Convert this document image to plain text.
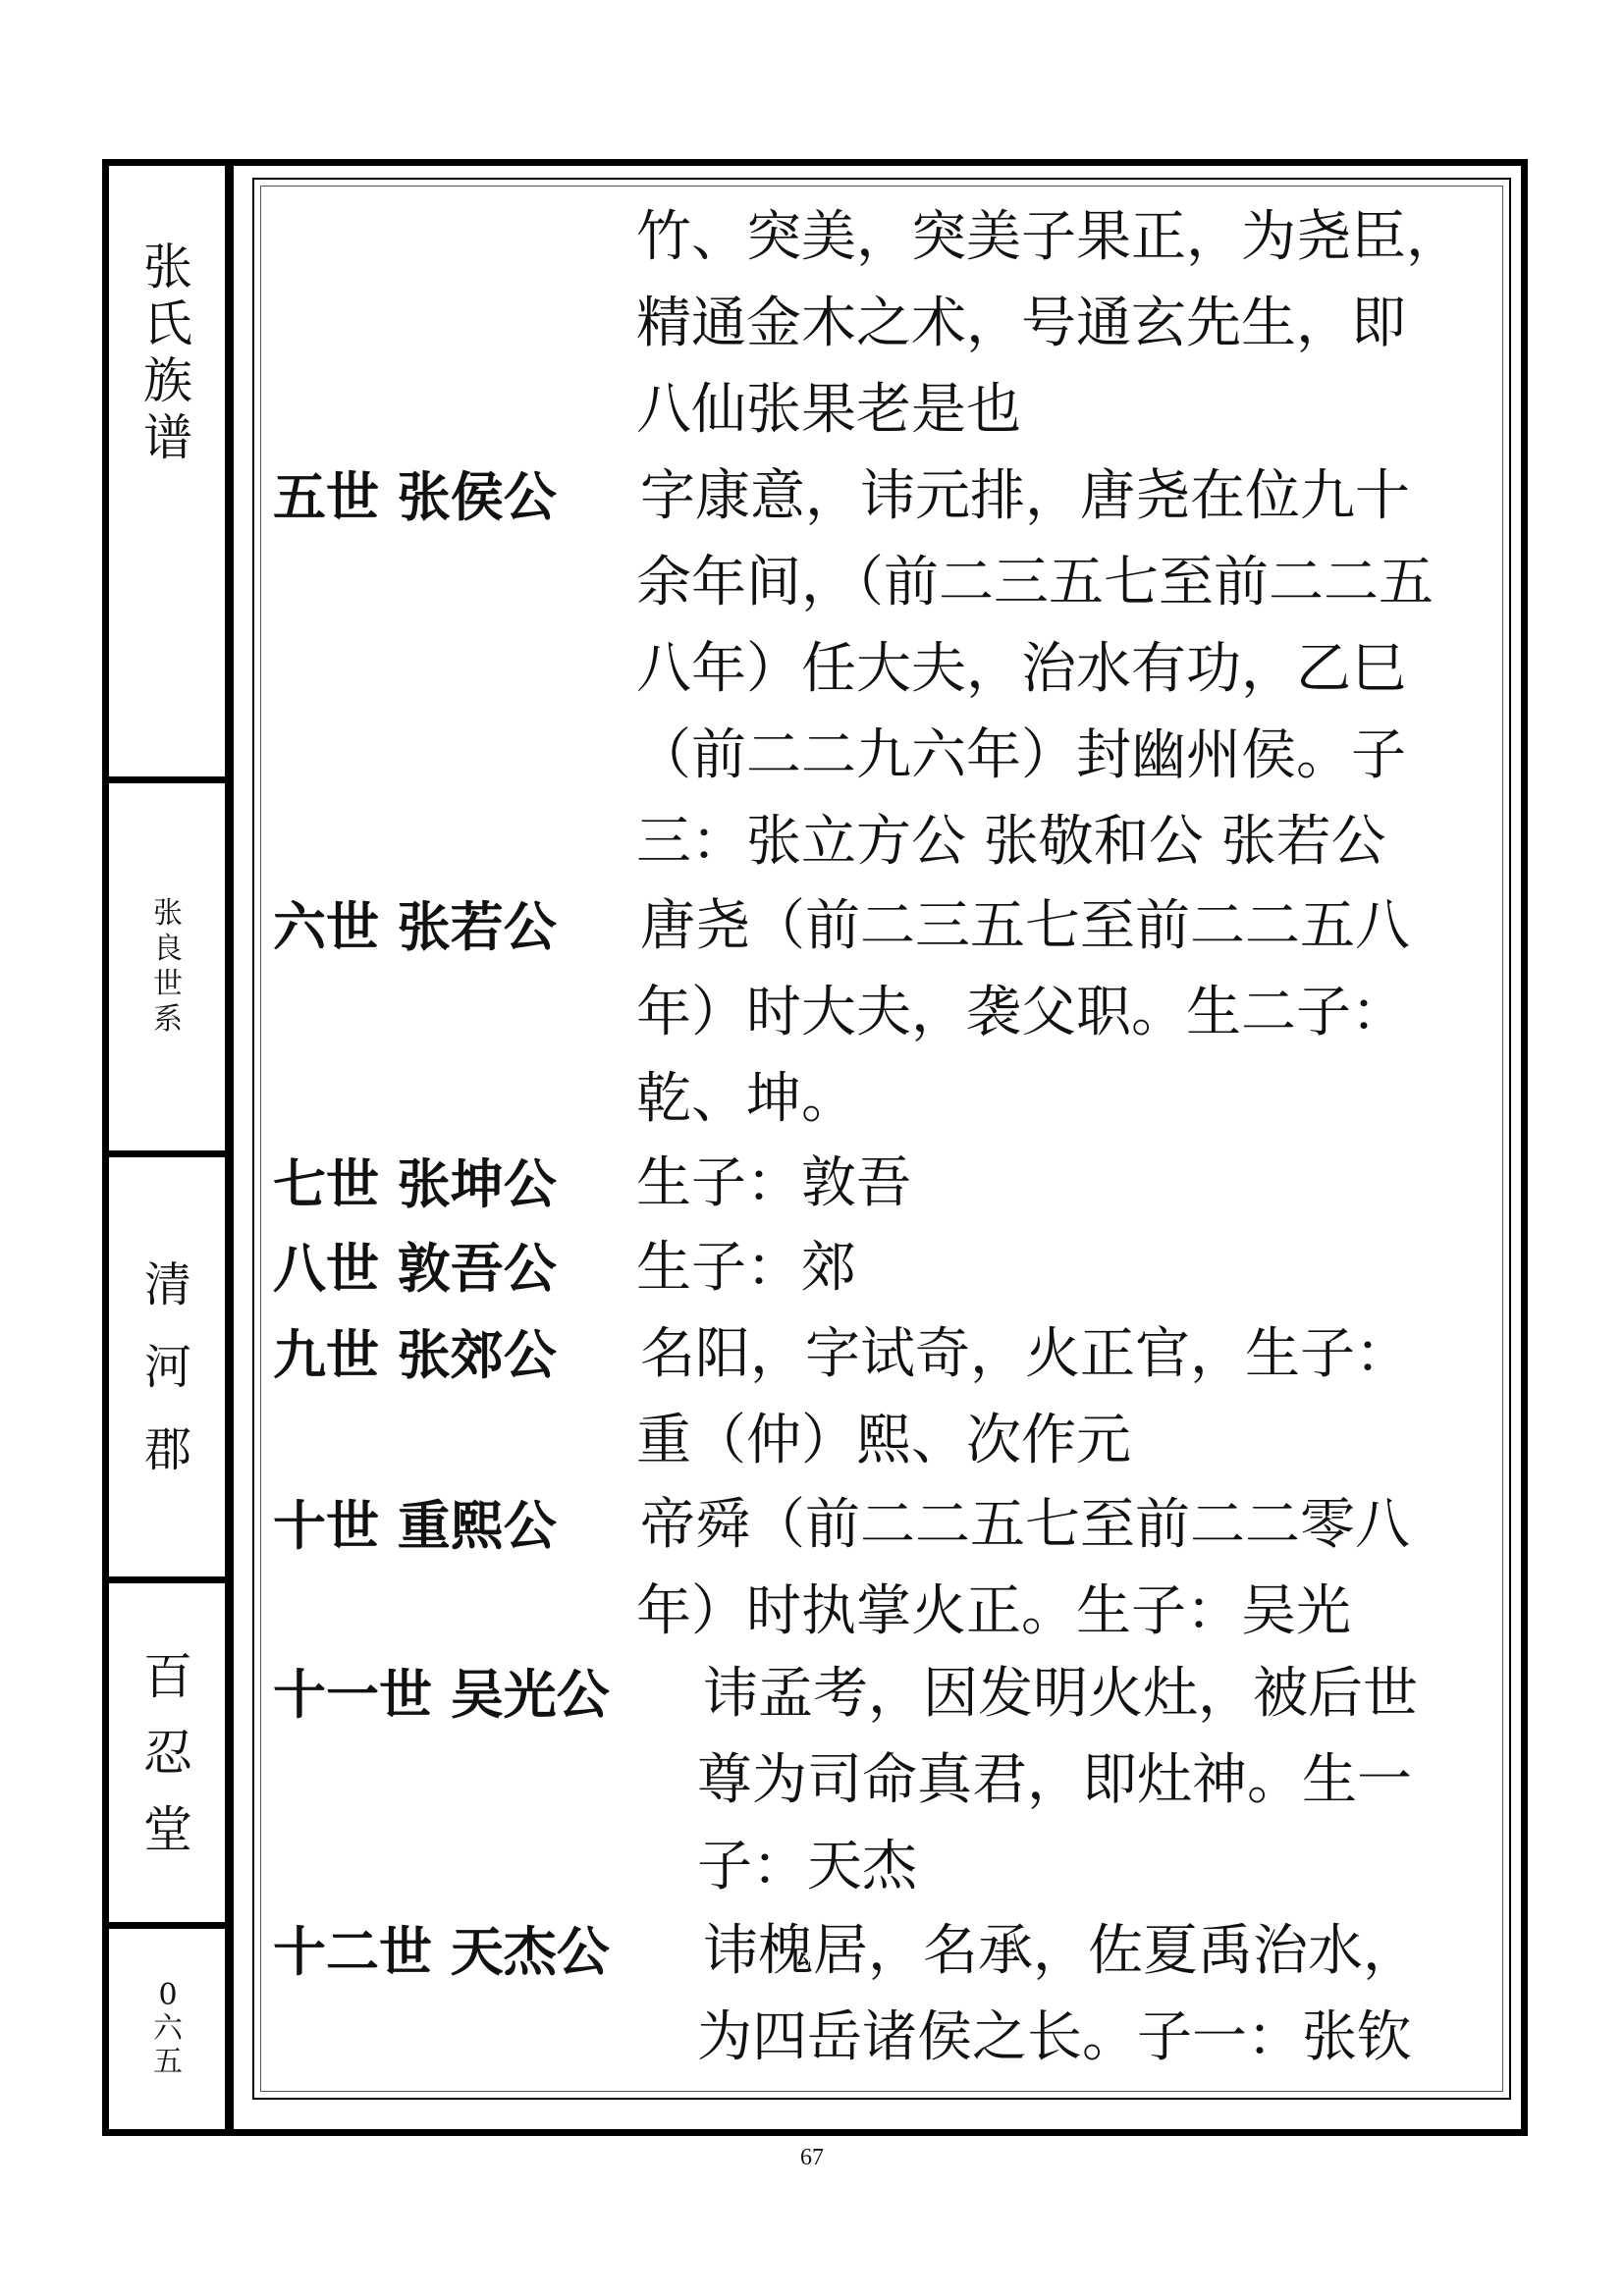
张
氏
族
谱
张
良
世
系
清
河
郡
百
忍
堂
0
六
五
竹、突美，突美子果正，为尧臣，
精通金木之术，号通玄先生，即
八仙张果老是也
五世 张侯公 字康意，讳元排，唐尧在位九十
余年间，（前二三五七至前二二五
八年）任大夫，治水有功，乙巳
（前二二九六年）封幽州侯。子
三：张立方公 张敬和公 张若公
六世 张若公 唐尧（前二三五七至前二二五八
年）时大夫，袭父职。生二子：
乾、坤。
七世 张坤公 生子：敦吾
八世 敦吾公 生子：郊
九世 张郊公 名阳，字试奇，火正官，生子：
重（仲）熙、次作元
十世 重熙公 帝舜（前二二五七至前二二零八
年）时执掌火正。生子：吴光
十一世 吴光公 讳孟考，因发明火灶，被后世
尊为司命真君，即灶神。生一
子：天杰
十二世 天杰公 讳槐居，名承，佐夏禹治水，
为四岳诸侯之长。子一：张钦
67
